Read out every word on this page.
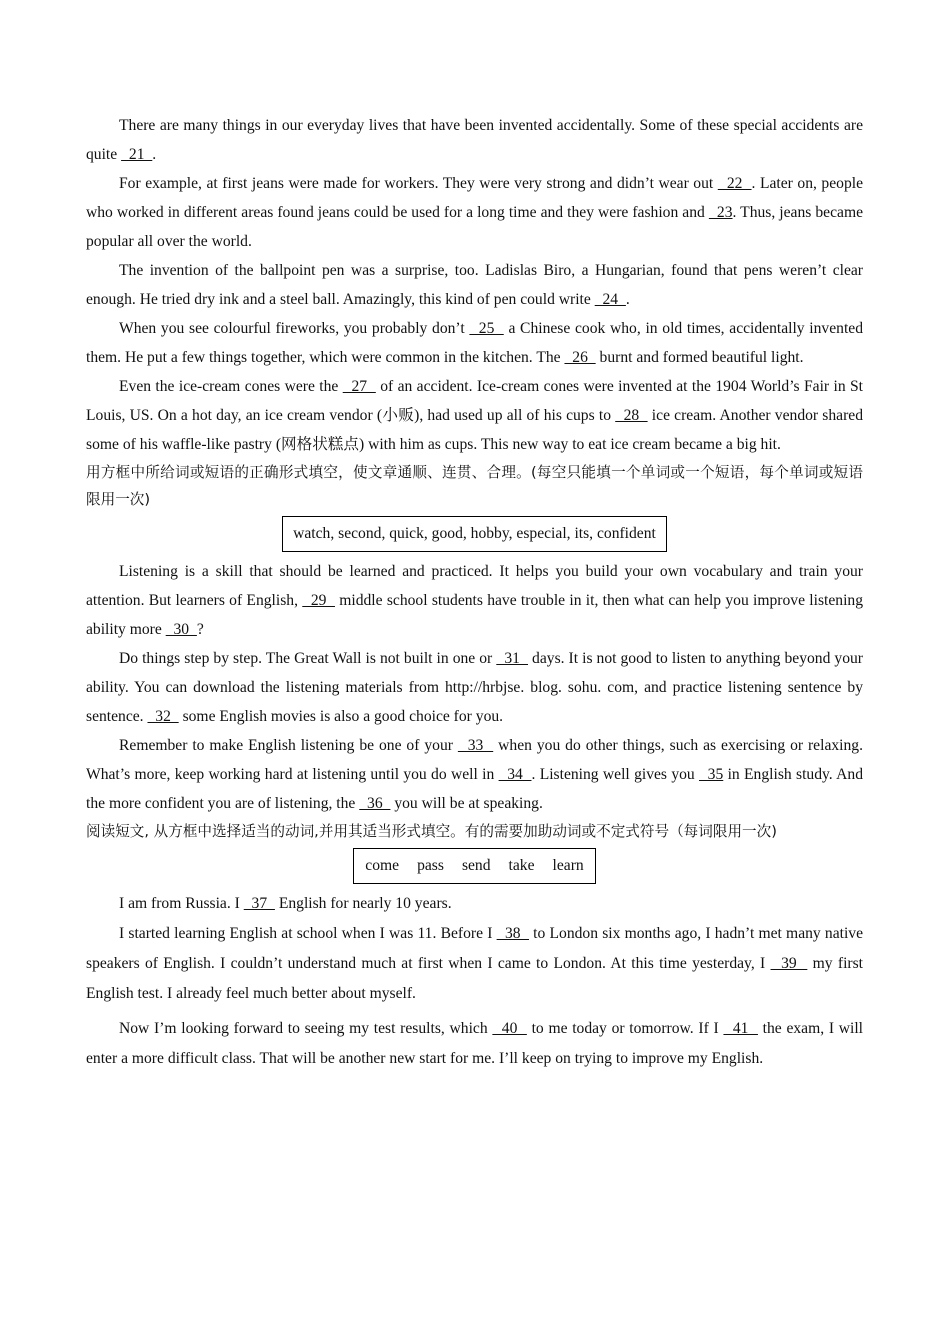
There are many things in our everyday lives that have been invented accidentally. Some of these special accidents are quite   21  .

For example, at first jeans were made for workers. They were very strong and didn’t wear out   22  . Later on, people who worked in different areas found jeans could be used for a long time and they were fashion and   23. Thus, jeans became popular all over the world.

The invention of the ballpoint pen was a surprise, too. Ladislas Biro, a Hungarian, found that pens weren’t clear enough. He tried dry ink and a steel ball. Amazingly, this kind of pen could write   24  .

When you see colourful fireworks, you probably don’t   25   a Chinese cook who, in old times, accidentally invented them. He put a few things together, which were common in the kitchen. The   26   burnt and formed beautiful light.

Even the ice-cream cones were the   27   of an accident. Ice-cream cones were invented at the 1904 World’s Fair in St Louis, US. On a hot day, an ice cream vendor (小贩), had used up all of his cups to   28   ice cream. Another vendor shared some of his waffle-like pastry (网格状糕点) with him as cups. This new way to eat ice cream became a big hit.

用方框中所给词或短语的正确形式填空，使文章通顺、连贯、合理。(每空只能填一个单词或一个短语，每个单词或短语限用一次)

watch, second, quick, good, hobby, especial, its, confident

Listening is a skill that should be learned and practiced. It helps you build your own vocabulary and train your attention. But learners of English,   29   middle school students have trouble in it, then what can help you improve listening ability more   30  ?

Do things step by step. The Great Wall is not built in one or   31   days. It is not good to listen to anything beyond your ability. You can download the listening materials from http://hrbjse. blog. sohu. com, and practice listening sentence by sentence.   32   some English movies is also a good choice for you.

Remember to make English listening be one of your   33   when you do other things, such as exercising or relaxing. What’s more, keep working hard at listening until you do well in   34  . Listening well gives you   35 in English study. And the more confident you are of listening, the   36   you will be at speaking.

阅读短文, 从方框中选择适当的动词,并用其适当形式填空。有的需要加助动词或不定式符号（每词限用一次)

come pass send take learn

I am from Russia. I   37   English for nearly 10 years.

I started learning English at school when I was 11. Before I   38   to London six months ago, I hadn’t met many native speakers of English. I couldn’t understand much at first when I came to London. At this time yesterday, I   39   my first English test. I already feel much better about myself.

Now I’m looking forward to seeing my test results, which   40   to me today or tomorrow. If I   41   the exam, I will enter a more difficult class. That will be another new start for me. I’ll keep on trying to improve my English.
